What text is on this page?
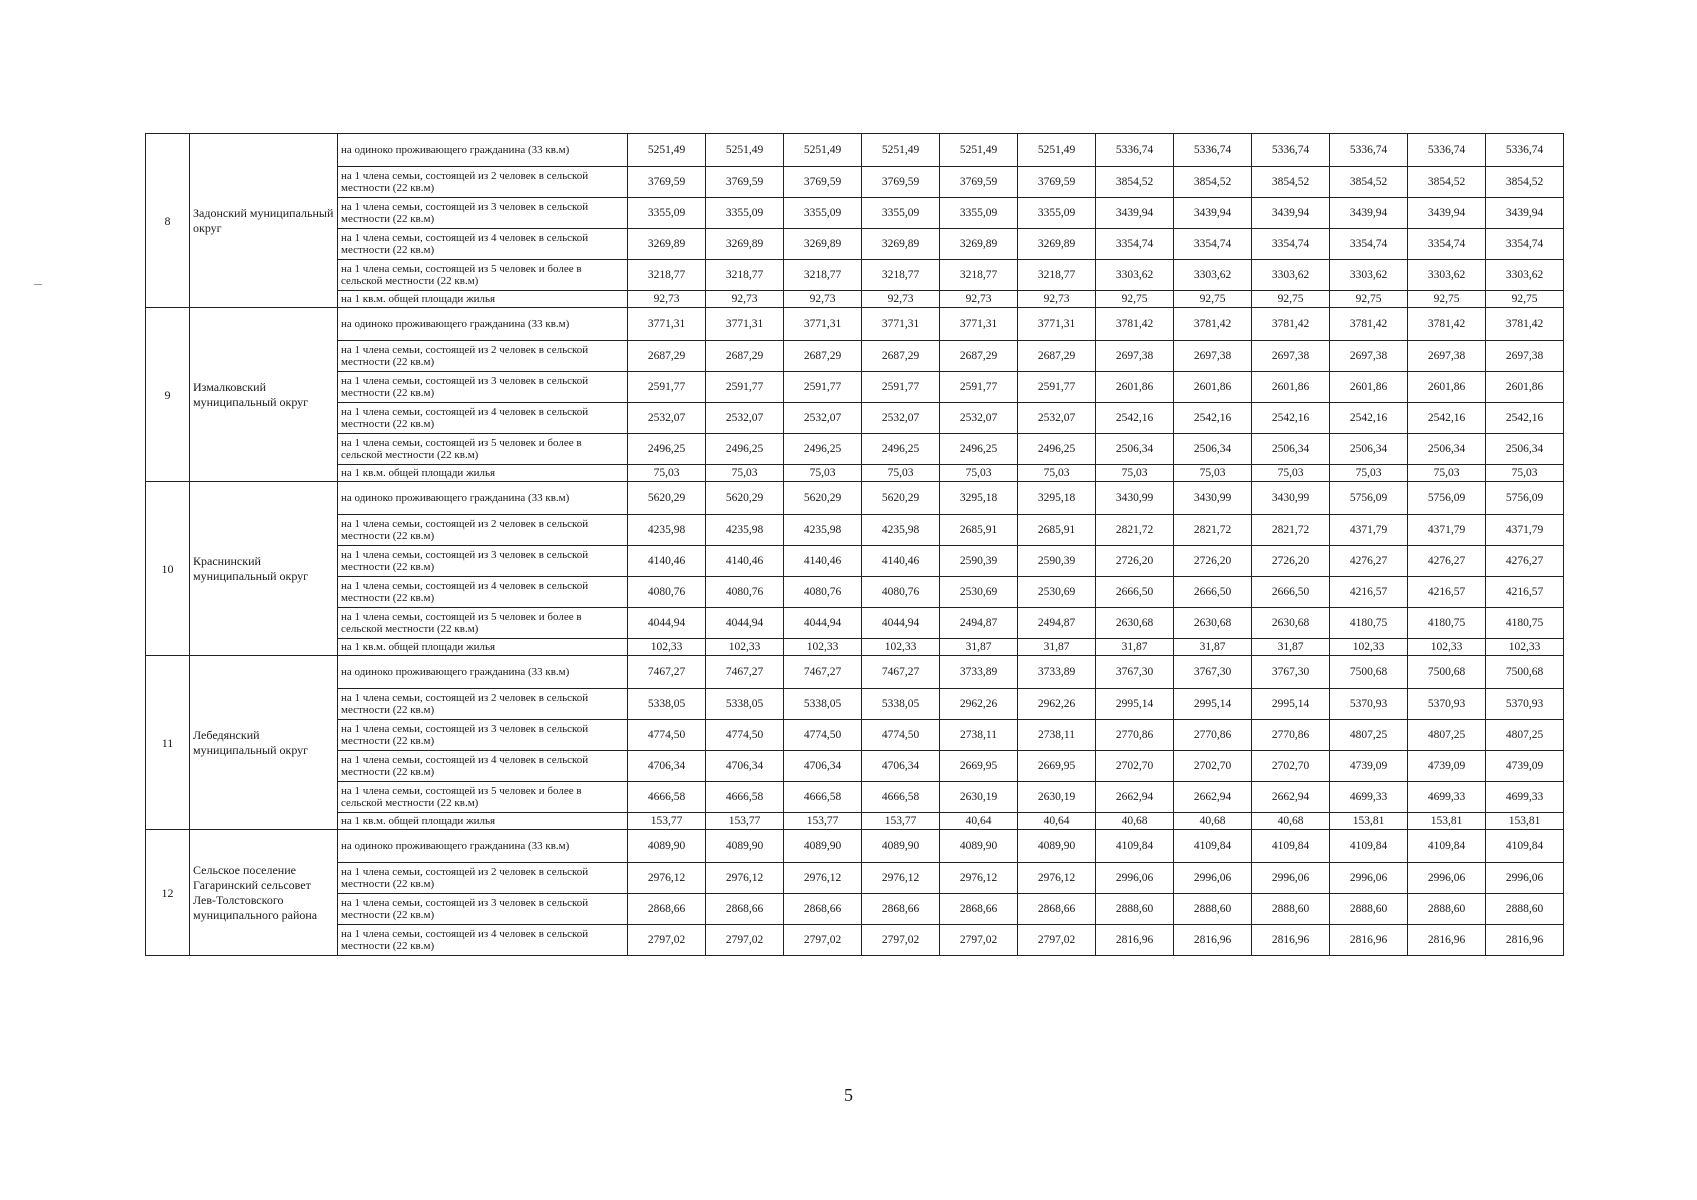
8	Задонский муниципальный округ	на одиноко проживающего гражданина (33 кв.м)	5251,49	5251,49	5251,49	5251,49	5251,49	5251,49	5336,74	5336,74	5336,74	5336,74	5336,74	5336,74
		на 1 члена семьи, состоящей из 2 человек в сельской местности (22 кв.м)	3769,59	3769,59	3769,59	3769,59	3769,59	3769,59	3854,52	3854,52	3854,52	3854,52	3854,52	3854,52
		на 1 члена семьи, состоящей из 3 человек в сельской местности (22 кв.м)	3355,09	3355,09	3355,09	3355,09	3355,09	3355,09	3439,94	3439,94	3439,94	3439,94	3439,94	3439,94
		на 1 члена семьи, состоящей из 4 человек в сельской местности (22 кв.м)	3269,89	3269,89	3269,89	3269,89	3269,89	3269,89	3354,74	3354,74	3354,74	3354,74	3354,74	3354,74
		на 1 члена семьи, состоящей из 5 человек и более в сельской местности (22 кв.м)	3218,77	3218,77	3218,77	3218,77	3218,77	3218,77	3303,62	3303,62	3303,62	3303,62	3303,62	3303,62
		на 1 кв.м. общей площади жилья	92,73	92,73	92,73	92,73	92,73	92,73	92,75	92,75	92,75	92,75	92,75	92,75
9	Измалковский муниципальный округ	на одиноко проживающего гражданина (33 кв.м)	3771,31	3771,31	3771,31	3771,31	3771,31	3771,31	3781,42	3781,42	3781,42	3781,42	3781,42	3781,42
		на 1 члена семьи, состоящей из 2 человек в сельской местности (22 кв.м)	2687,29	2687,29	2687,29	2687,29	2687,29	2687,29	2697,38	2697,38	2697,38	2697,38	2697,38	2697,38
		на 1 члена семьи, состоящей из 3 человек в сельской местности (22 кв.м)	2591,77	2591,77	2591,77	2591,77	2591,77	2591,77	2601,86	2601,86	2601,86	2601,86	2601,86	2601,86
		на 1 члена семьи, состоящей из 4 человек в сельской местности (22 кв.м)	2532,07	2532,07	2532,07	2532,07	2532,07	2532,07	2542,16	2542,16	2542,16	2542,16	2542,16	2542,16
		на 1 члена семьи, состоящей из 5 человек и более в сельской местности (22 кв.м)	2496,25	2496,25	2496,25	2496,25	2496,25	2496,25	2506,34	2506,34	2506,34	2506,34	2506,34	2506,34
		на 1 кв.м. общей площади жилья	75,03	75,03	75,03	75,03	75,03	75,03	75,03	75,03	75,03	75,03	75,03	75,03
10	Краснинский муниципальный округ	на одиноко проживающего гражданина (33 кв.м)	5620,29	5620,29	5620,29	5620,29	3295,18	3295,18	3430,99	3430,99	3430,99	5756,09	5756,09	5756,09
		на 1 члена семьи, состоящей из 2 человек в сельской местности (22 кв.м)	4235,98	4235,98	4235,98	4235,98	2685,91	2685,91	2821,72	2821,72	2821,72	4371,79	4371,79	4371,79
		на 1 члена семьи, состоящей из 3 человек в сельской местности (22 кв.м)	4140,46	4140,46	4140,46	4140,46	2590,39	2590,39	2726,20	2726,20	2726,20	4276,27	4276,27	4276,27
		на 1 члена семьи, состоящей из 4 человек в сельской местности (22 кв.м)	4080,76	4080,76	4080,76	4080,76	2530,69	2530,69	2666,50	2666,50	2666,50	4216,57	4216,57	4216,57
		на 1 члена семьи, состоящей из 5 человек и более в сельской местности (22 кв.м)	4044,94	4044,94	4044,94	4044,94	2494,87	2494,87	2630,68	2630,68	2630,68	4180,75	4180,75	4180,75
		на 1 кв.м. общей площади жилья	102,33	102,33	102,33	102,33	31,87	31,87	31,87	31,87	31,87	102,33	102,33	102,33
11	Лебедянский муниципальный округ	на одиноко проживающего гражданина (33 кв.м)	7467,27	7467,27	7467,27	7467,27	3733,89	3733,89	3767,30	3767,30	3767,30	7500,68	7500,68	7500,68
		на 1 члена семьи, состоящей из 2 человек в сельской местности (22 кв.м)	5338,05	5338,05	5338,05	5338,05	2962,26	2962,26	2995,14	2995,14	2995,14	5370,93	5370,93	5370,93
		на 1 члена семьи, состоящей из 3 человек в сельской местности (22 кв.м)	4774,50	4774,50	4774,50	4774,50	2738,11	2738,11	2770,86	2770,86	2770,86	4807,25	4807,25	4807,25
		на 1 члена семьи, состоящей из 4 человек в сельской местности (22 кв.м)	4706,34	4706,34	4706,34	4706,34	2669,95	2669,95	2702,70	2702,70	2702,70	4739,09	4739,09	4739,09
		на 1 члена семьи, состоящей из 5 человек и более в сельской местности (22 кв.м)	4666,58	4666,58	4666,58	4666,58	2630,19	2630,19	2662,94	2662,94	2662,94	4699,33	4699,33	4699,33
		на 1 кв.м. общей площади жилья	153,77	153,77	153,77	153,77	40,64	40,64	40,68	40,68	40,68	153,81	153,81	153,81
12	Сельское поселение Гагаринский сельсовет Лев-Толстовского муниципального района	на одиноко проживающего гражданина (33 кв.м)	4089,90	4089,90	4089,90	4089,90	4089,90	4089,90	4109,84	4109,84	4109,84	4109,84	4109,84	4109,84
		на 1 члена семьи, состоящей из 2 человек в сельской местности (22 кв.м)	2976,12	2976,12	2976,12	2976,12	2976,12	2976,12	2996,06	2996,06	2996,06	2996,06	2996,06	2996,06
		на 1 члена семьи, состоящей из 3 человек в сельской местности (22 кв.м)	2868,66	2868,66	2868,66	2868,66	2868,66	2868,66	2888,60	2888,60	2888,60	2888,60	2888,60	2888,60
		на 1 члена семьи, состоящей из 4 человек в сельской местности (22 кв.м)	2797,02	2797,02	2797,02	2797,02	2797,02	2797,02	2816,96	2816,96	2816,96	2816,96	2816,96	2816,96
5
